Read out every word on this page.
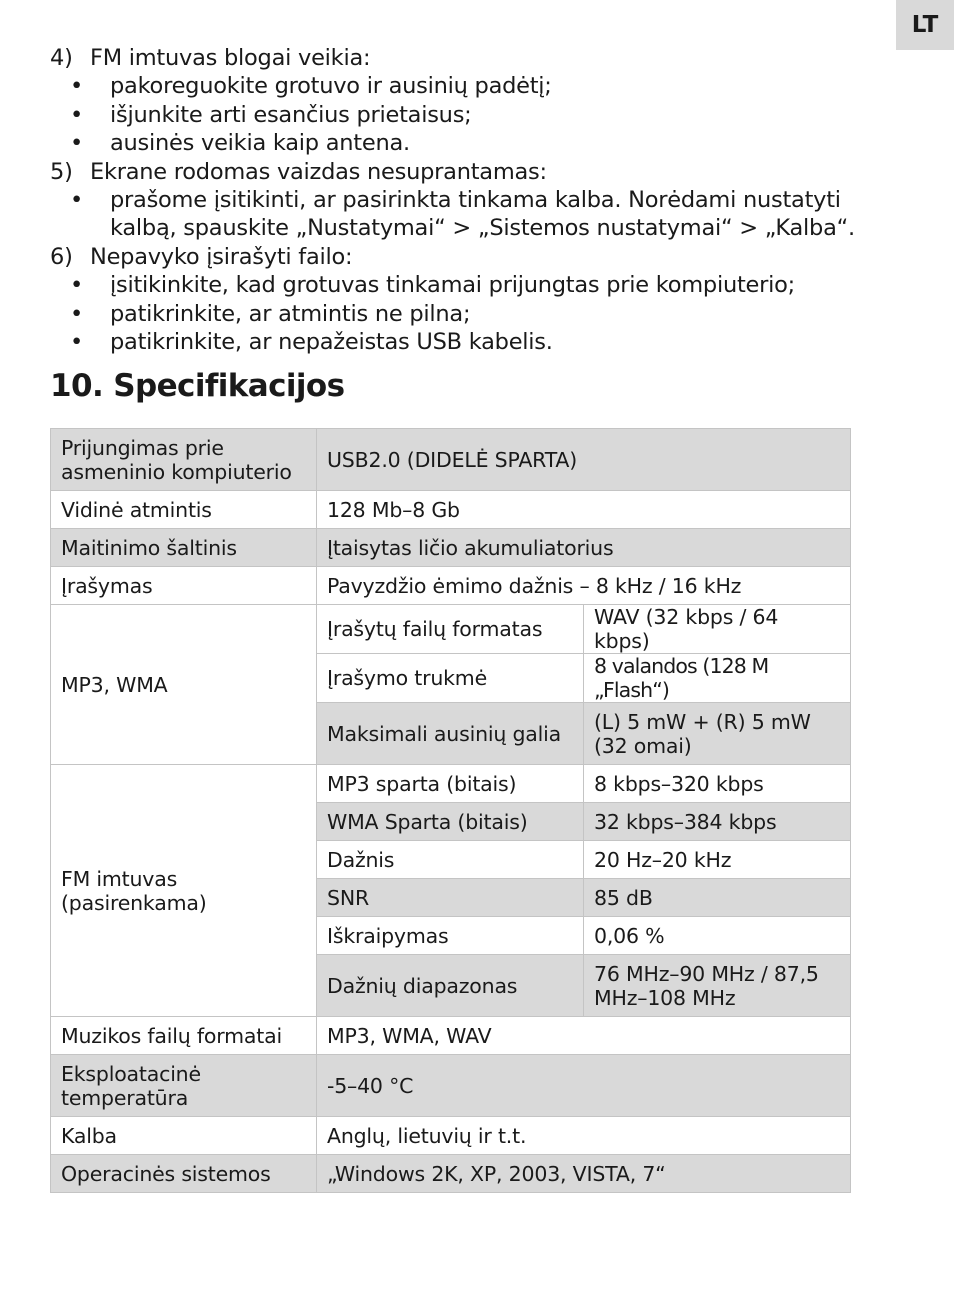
LT
4) FM imtuvas blogai veikia:
•	pakoreguokite grotuvo ir ausinių padėtį;
•	išjunkite arti esančius prietaisus;
•	ausinės veikia kaip antena.
5) Ekrane rodomas vaizdas nesuprantamas:
•	prašome įsitikinti, ar pasirinkta tinkama kalba. Norėdami nustatyti kalbą, spauskite „Nustatymai“ > „Sistemos nustatymai“ > „Kalba“.
6) Nepavyko įsirašyti failo:
•	įsitikinkite, kad grotuvas tinkamai prijungtas prie kompiuterio;
•	patikrinkite, ar atmintis ne pilna;
•	patikrinkite, ar nepažeistas USB kabelis.
10. Specifikacijos
Prijungimas prie asmeninio kompiuterio	USB2.0 (DIDELĖ SPARTA)	
Vidinė atmintis	128 Mb–8 Gb	
Maitinimo šaltinis	Įtaisytas ličio akumuliatorius	
Įrašymas	Pavyzdžio ėmimo dažnis – 8 kHz / 16 kHz	
MP3, WMA	Įrašytų failų formatas	WAV (32 kbps / 64 kbps)
	Įrašymo trukmė	8 valandos (128 M „Flash“)
	Maksimali ausinių galia	(L) 5 mW + (R) 5 mW (32 omai)
FM imtuvas (pasirenkama)	MP3 sparta (bitais)	8 kbps–320 kbps
	WMA Sparta (bitais)	32 kbps–384 kbps
	Dažnis	20 Hz–20 kHz
	SNR	85 dB
	Iškraipymas	0,06 %
	Dažnių diapazonas	76 MHz–90 MHz / 87,5 MHz–108 MHz
Muzikos failų formatai	MP3, WMA, WAV	
Eksploatacinė temperatūra	-5–40 °C	
Kalba	Anglų, lietuvių ir t.t.	
Operacinės sistemos	„Windows 2K, XP, 2003, VISTA, 7“	
